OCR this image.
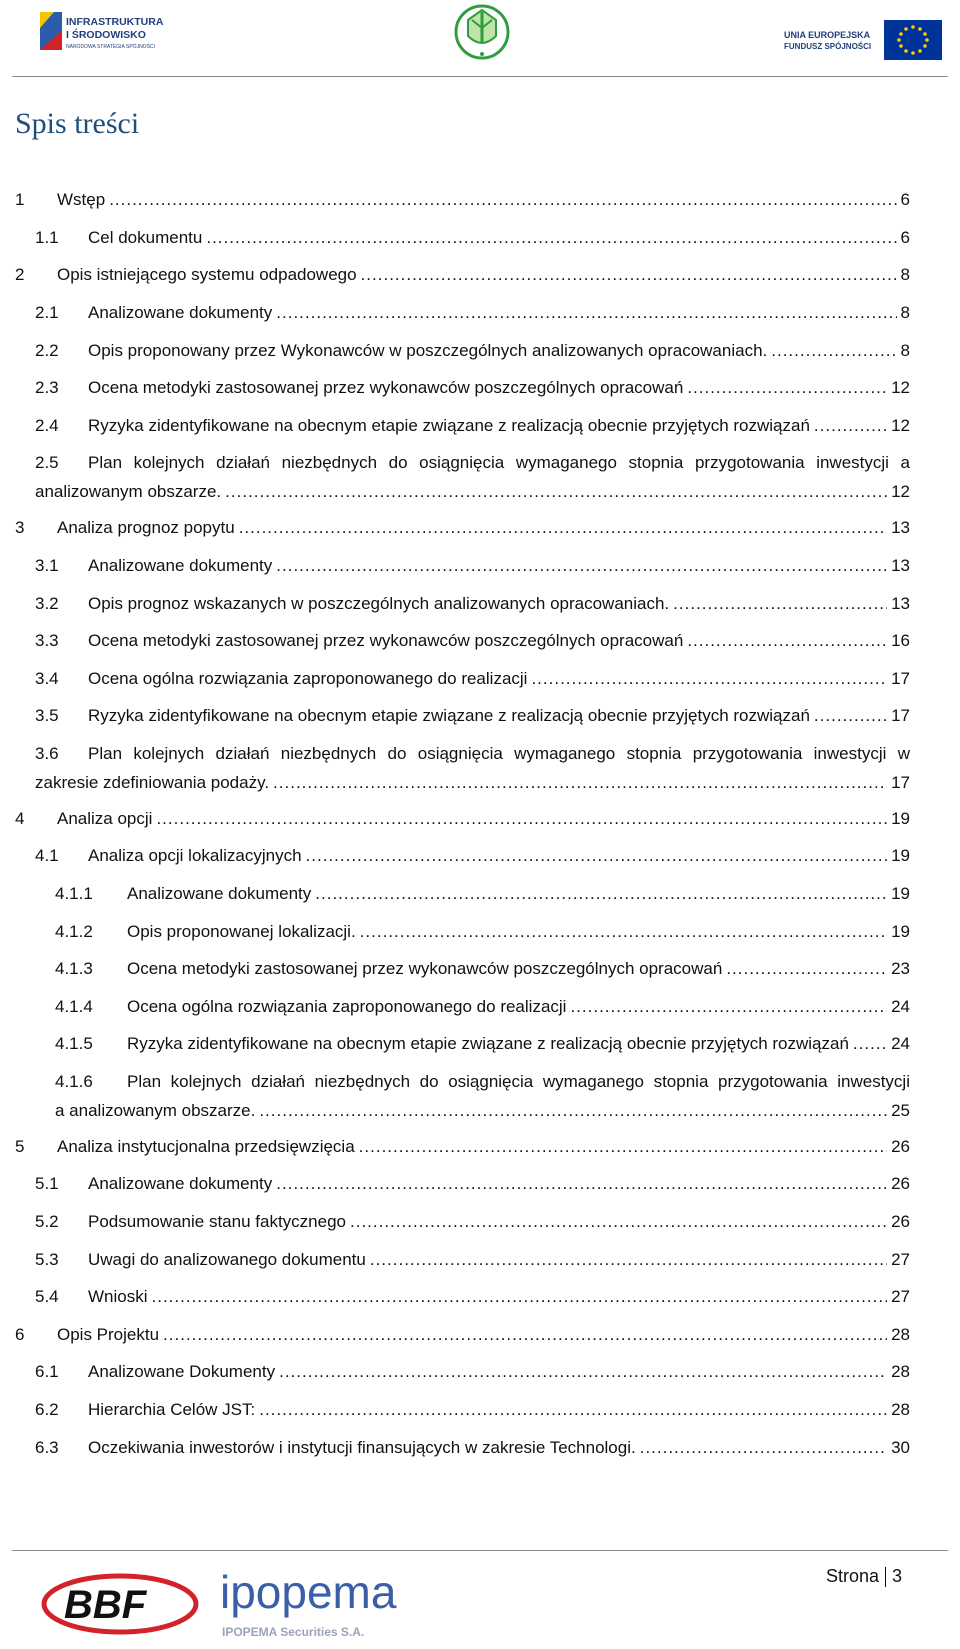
INFRASTRUKTURA
I ŚRODOWISKO
NARODOWA STRATEGIA SPÓJNOŚCI
UNIA EUROPEJSKA
FUNDUSZ SPÓJNOŚCI
Spis treści
1	Wstęp .....	6
1.1	Cel dokumentu .....	6
2	Opis istniejącego systemu odpadowego .....	8
2.1	Analizowane dokumenty .....	8
2.2	Opis proponowany przez Wykonawców w poszczególnych analizowanych opracowaniach. .....	8
2.3	Ocena metodyki zastosowanej przez wykonawców poszczególnych opracowań .....	12
2.4	Ryzyka zidentyfikowane na obecnym etapie związane z realizacją obecnie przyjętych rozwiązań .....	12
2.5	Plan kolejnych działań niezbędnych do osiągnięcia wymaganego stopnia przygotowania inwestycji a
analizowanym obszarze. .....	12
3	Analiza prognoz popytu .....	13
3.1	Analizowane dokumenty .....	13
3.2	Opis prognoz wskazanych w poszczególnych analizowanych opracowaniach. .....	13
3.3	Ocena metodyki zastosowanej przez wykonawców poszczególnych opracowań .....	16
3.4	Ocena ogólna rozwiązania zaproponowanego do realizacji .....	17
3.5	Ryzyka zidentyfikowane na obecnym etapie związane z realizacją obecnie przyjętych rozwiązań .....	17
3.6	Plan kolejnych działań niezbędnych do osiągnięcia wymaganego stopnia przygotowania inwestycji w
zakresie zdefiniowania podaży. .....	17
4	Analiza opcji .....	19
4.1	Analiza opcji lokalizacyjnych .....	19
4.1.1	Analizowane dokumenty .....	19
4.1.2	Opis proponowanej lokalizacji. .....	19
4.1.3	Ocena metodyki zastosowanej przez wykonawców poszczególnych opracowań .....	23
4.1.4	Ocena ogólna rozwiązania zaproponowanego do realizacji .....	24
4.1.5	Ryzyka zidentyfikowane na obecnym etapie związane z realizacją obecnie przyjętych rozwiązań ..... 24
4.1.6	Plan kolejnych działań niezbędnych do osiągnięcia wymaganego stopnia przygotowania inwestycji
a analizowanym obszarze. .....	25
5	Analiza instytucjonalna przedsięwzięcia .....	26
5.1	Analizowane dokumenty .....	26
5.2	Podsumowanie stanu faktycznego .....	26
5.3	Uwagi do analizowanego dokumentu .....	27
5.4	Wnioski .....	27
6	Opis Projektu .....	28
6.1	Analizowane Dokumenty .....	28
6.2	Hierarchia Celów JST: .....	28
6.3	Oczekiwania inwestorów i instytucji finansujących w zakresie Technologi. .....	30
BBF ipopema
IPOPEMA Securities S.A.
Strona 3
